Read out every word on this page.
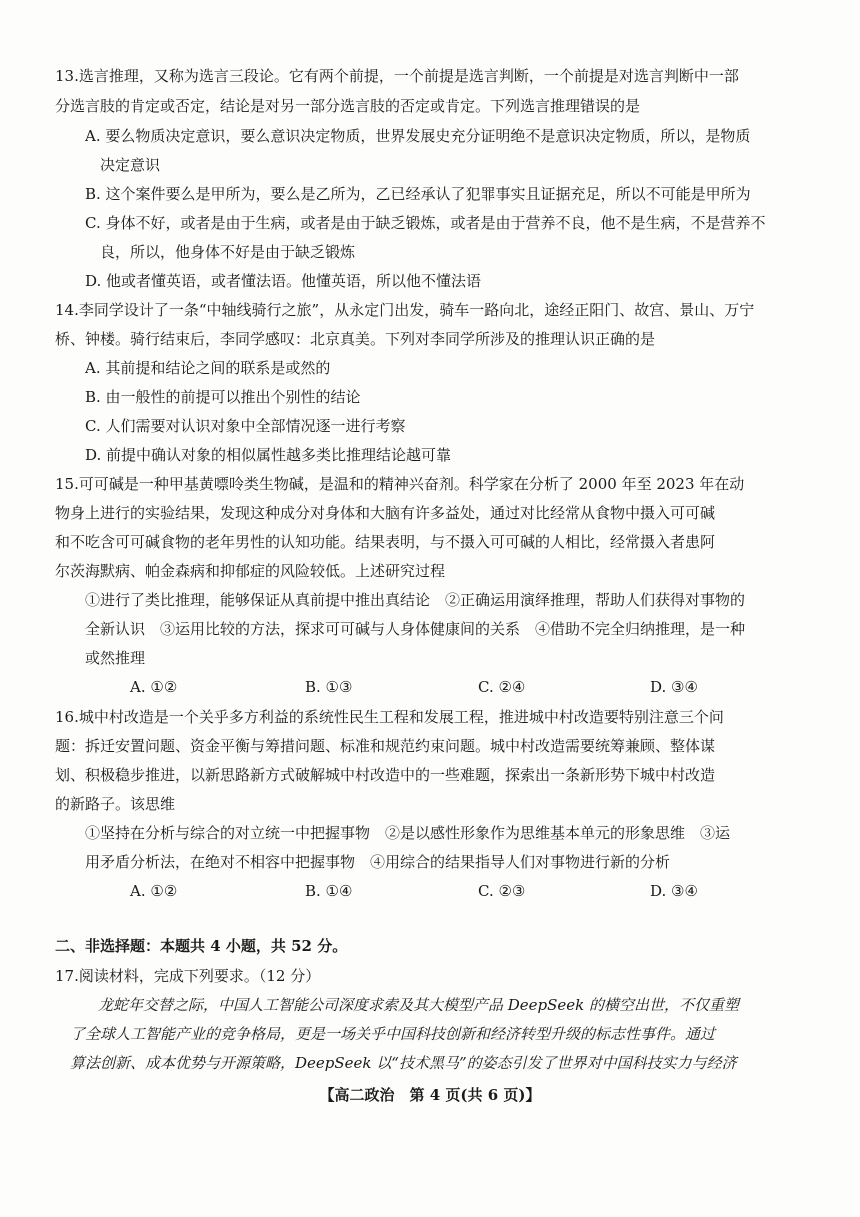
13.选言推理，又称为选言三段论。它有两个前提，一个前提是选言判断，一个前提是对选言判断中一部

分选言肢的肯定或否定，结论是对另一部分选言肢的否定或肯定。下列选言推理错误的是

A. 要么物质决定意识，要么意识决定物质，世界发展史充分证明绝不是意识决定物质，所以，是物质

决定意识

B. 这个案件要么是甲所为，要么是乙所为，乙已经承认了犯罪事实且证据充足，所以不可能是甲所为

C. 身体不好，或者是由于生病，或者是由于缺乏锻炼，或者是由于营养不良，他不是生病，不是营养不

良，所以，他身体不好是由于缺乏锻炼

D. 他或者懂英语，或者懂法语。他懂英语，所以他不懂法语

14.李同学设计了一条“中轴线骑行之旅”，从永定门出发，骑车一路向北，途经正阳门、故宫、景山、万宁

桥、钟楼。骑行结束后，李同学感叹：北京真美。下列对李同学所涉及的推理认识正确的是

A. 其前提和结论之间的联系是或然的

B. 由一般性的前提可以推出个别性的结论

C. 人们需要对认识对象中全部情况逐一进行考察

D. 前提中确认对象的相似属性越多类比推理结论越可靠

15.可可碱是一种甲基黄嘌呤类生物碱，是温和的精神兴奋剂。科学家在分析了 2000 年至 2023 年在动

物身上进行的实验结果，发现这种成分对身体和大脑有许多益处，通过对比经常从食物中摄入可可碱

和不吃含可可碱食物的老年男性的认知功能。结果表明，与不摄入可可碱的人相比，经常摄入者患阿

尔茨海默病、帕金森病和抑郁症的风险较低。上述研究过程

①进行了类比推理，能够保证从真前提中推出真结论　②正确运用演绎推理，帮助人们获得对事物的

全新认识　③运用比较的方法，探求可可碱与人身体健康间的关系　④借助不完全归纳推理，是一种

或然推理

A. ①②	B. ①③	C. ②④	D. ③④

16.城中村改造是一个关乎多方利益的系统性民生工程和发展工程，推进城中村改造要特别注意三个问

题：拆迁安置问题、资金平衡与筹措问题、标准和规范约束问题。城中村改造需要统筹兼顾、整体谋

划、积极稳步推进，以新思路新方式破解城中村改造中的一些难题，探索出一条新形势下城中村改造

的新路子。该思维

①坚持在分析与综合的对立统一中把握事物　②是以感性形象作为思维基本单元的形象思维　③运

用矛盾分析法，在绝对不相容中把握事物　④用综合的结果指导人们对事物进行新的分析

A. ①②	B. ①④	C. ②③	D. ③④

二、非选择题：本题共 4 小题，共 52 分。

17.阅读材料，完成下列要求。（12 分）

龙蛇年交替之际，中国人工智能公司深度求索及其大模型产品 DeepSeek 的横空出世，不仅重塑

了全球人工智能产业的竞争格局，更是一场关乎中国科技创新和经济转型升级的标志性事件。通过

算法创新、成本优势与开源策略，DeepSeek 以“技术黑马”的姿态引发了世界对中国科技实力与经济

【高二政治　第 4 页(共 6 页)】
